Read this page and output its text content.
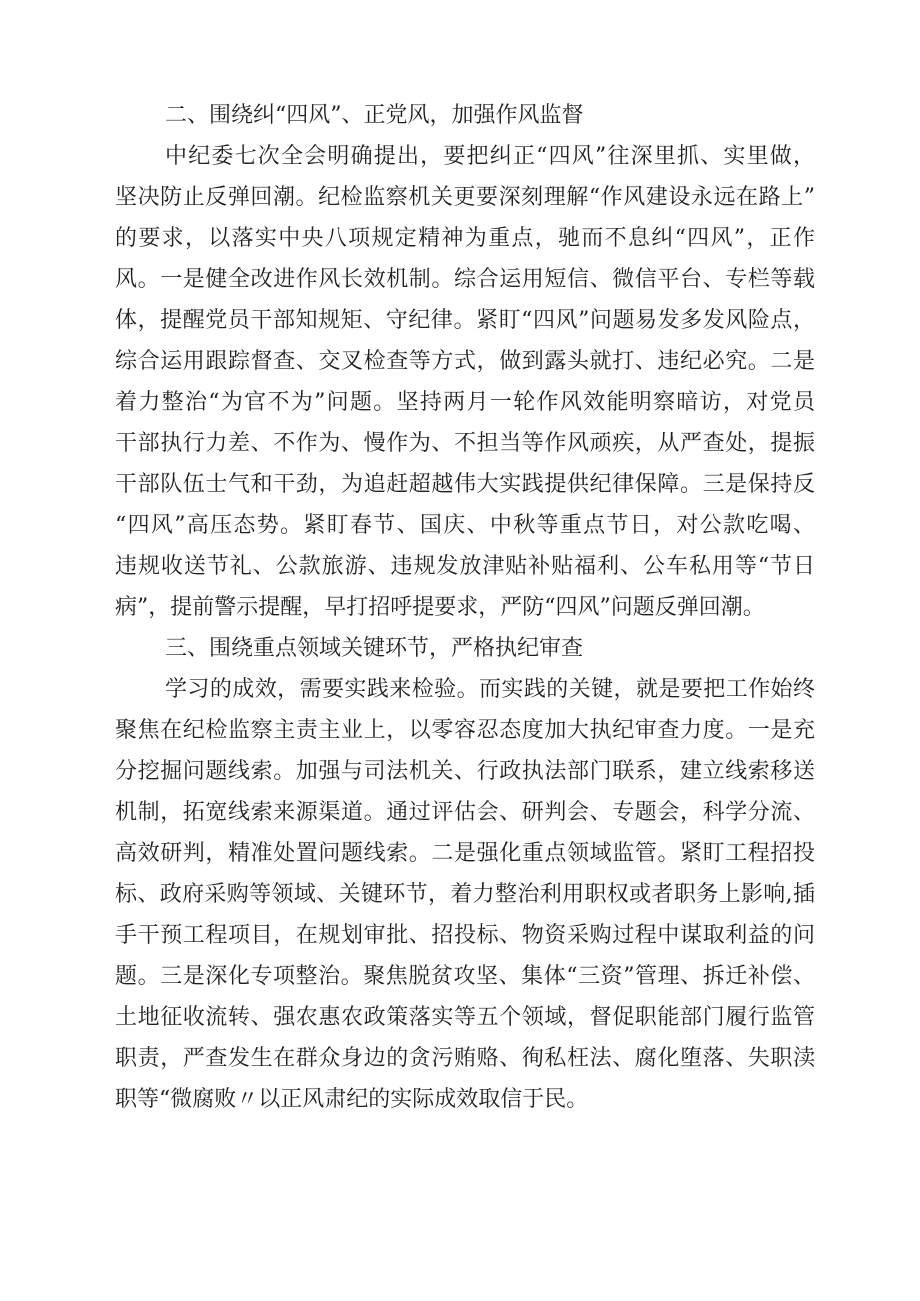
二、围绕纠“四风”、正党风，加强作风监督

中纪委七次全会明确提出，要把纠正“四风”往深里抓、实里做，
坚决防止反弹回潮。纪检监察机关更要深刻理解“作风建设永远在路上”
的要求，以落实中央八项规定精神为重点，驰而不息纠“四风”，正作
风。一是健全改进作风长效机制。综合运用短信、微信平台、专栏等载
体，提醒党员干部知规矩、守纪律。紧盯“四风”问题易发多发风险点，
综合运用跟踪督查、交叉检查等方式，做到露头就打、违纪必究。二是
着力整治“为官不为”问题。坚持两月一轮作风效能明察暗访，对党员
干部执行力差、不作为、慢作为、不担当等作风顽疾，从严查处，提振
干部队伍士气和干劲，为追赶超越伟大实践提供纪律保障。三是保持反
“四风”高压态势。紧盯春节、国庆、中秋等重点节日，对公款吃喝、
违规收送节礼、公款旅游、违规发放津贴补贴福利、公车私用等“节日
病”，提前警示提醒，早打招呼提要求，严防“四风”问题反弹回潮。

三、围绕重点领域关键环节，严格执纪审查

学习的成效，需要实践来检验。而实践的关键，就是要把工作始终
聚焦在纪检监察主责主业上，以零容忍态度加大执纪审查力度。一是充
分挖掘问题线索。加强与司法机关、行政执法部门联系，建立线索移送
机制，拓宽线索来源渠道。通过评估会、研判会、专题会，科学分流、
高效研判，精准处置问题线索。二是强化重点领域监管。紧盯工程招投
标、政府采购等领域、关键环节，着力整治利用职权或者职务上影响,插
手干预工程项目，在规划审批、招投标、物资采购过程中谋取利益的问
题。三是深化专项整治。聚焦脱贫攻坚、集体“三资”管理、拆迁补偿、
土地征收流转、强农惠农政策落实等五个领域，督促职能部门履行监管
职责，严查发生在群众身边的贪污贿赂、徇私枉法、腐化堕落、失职渎
职等“微腐败〃以正风肃纪的实际成效取信于民。
